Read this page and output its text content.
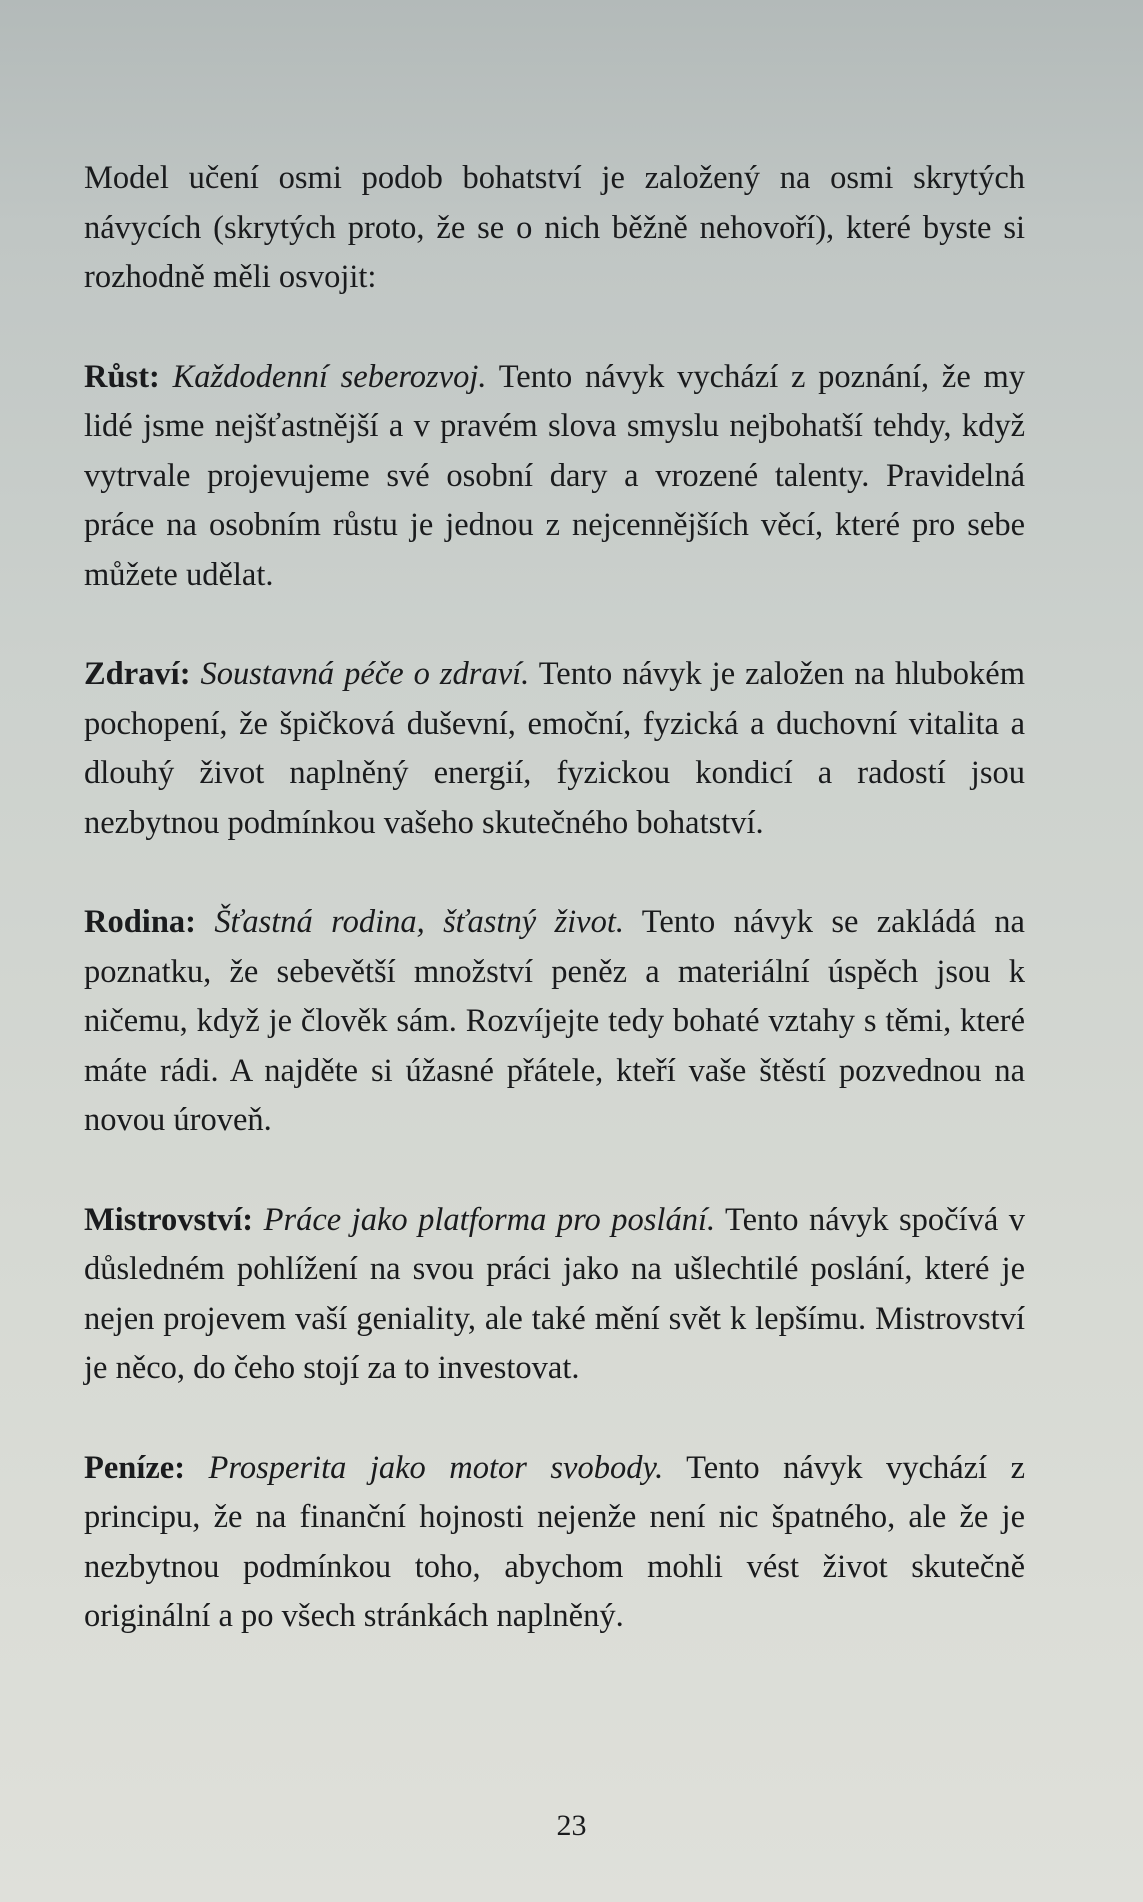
Model učení osmi podob bohatství je založený na osmi skrytých návycích (skrytých proto, že se o nich běžně nehovoří), které byste si rozhodně měli osvojit:

Růst: Každodenní seberozvoj. Tento návyk vychází z poznání, že my lidé jsme nejšťastnější a v pravém slova smyslu nejbohatší tehdy, když vytrvale projevujeme své osobní dary a vrozené talenty. Pravidelná práce na osobním růstu je jednou z nejcennějších věcí, které pro sebe můžete udělat.

Zdraví: Soustavná péče o zdraví. Tento návyk je založen na hlubokém pochopení, že špičková duševní, emoční, fyzická a duchovní vitalita a dlouhý život naplněný energií, fyzickou kondicí a radostí jsou nezbytnou podmínkou vašeho skutečného bohatství.

Rodina: Šťastná rodina, šťastný život. Tento návyk se zakládá na poznatku, že sebevětší množství peněz a materiální úspěch jsou k ničemu, když je člověk sám. Rozvíjejte tedy bohaté vztahy s těmi, které máte rádi. A najděte si úžasné přátele, kteří vaše štěstí pozvednou na novou úroveň.

Mistrovství: Práce jako platforma pro poslání. Tento návyk spočívá v důsledném pohlížení na svou práci jako na ušlechtilé poslání, které je nejen projevem vaší geniality, ale také mění svět k lepšímu. Mistrovství je něco, do čeho stojí za to investovat.

Peníze: Prosperita jako motor svobody. Tento návyk vychází z principu, že na finanční hojnosti nejenže není nic špatného, ale že je nezbytnou podmínkou toho, abychom mohli vést život skutečně originální a po všech stránkách naplněný.

23
